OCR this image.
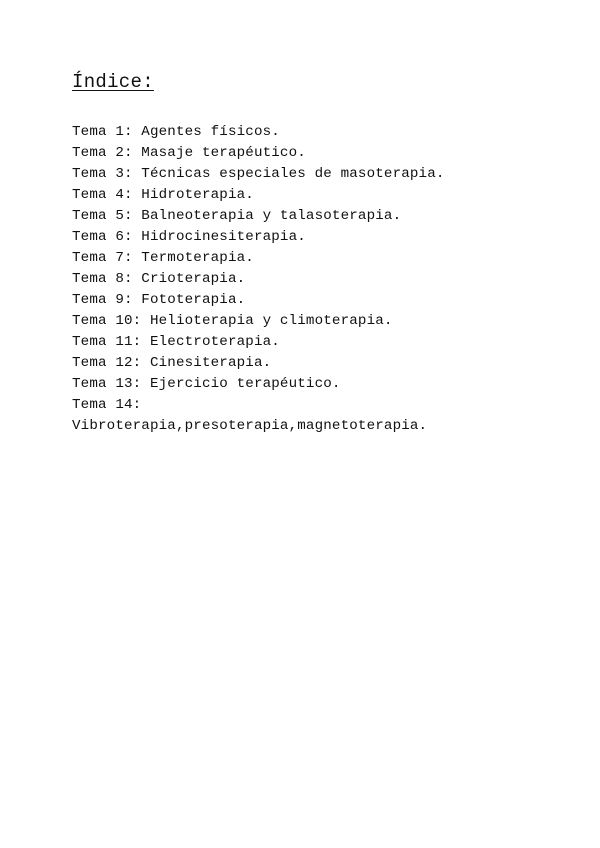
Índice:
Tema 1: Agentes físicos.
Tema 2: Masaje terapéutico.
Tema 3: Técnicas especiales de masoterapia.
Tema 4: Hidroterapia.
Tema 5: Balneoterapia y talasoterapia.
Tema 6: Hidrocinesiterapia.
Tema 7: Termoterapia.
Tema 8: Crioterapia.
Tema 9: Fototerapia.
Tema 10: Helioterapia y climoterapia.
Tema 11: Electroterapia.
Tema 12: Cinesiterapia.
Tema 13: Ejercicio terapéutico.
Tema 14:
Vibroterapia,presoterapia,magnetoterapia.
